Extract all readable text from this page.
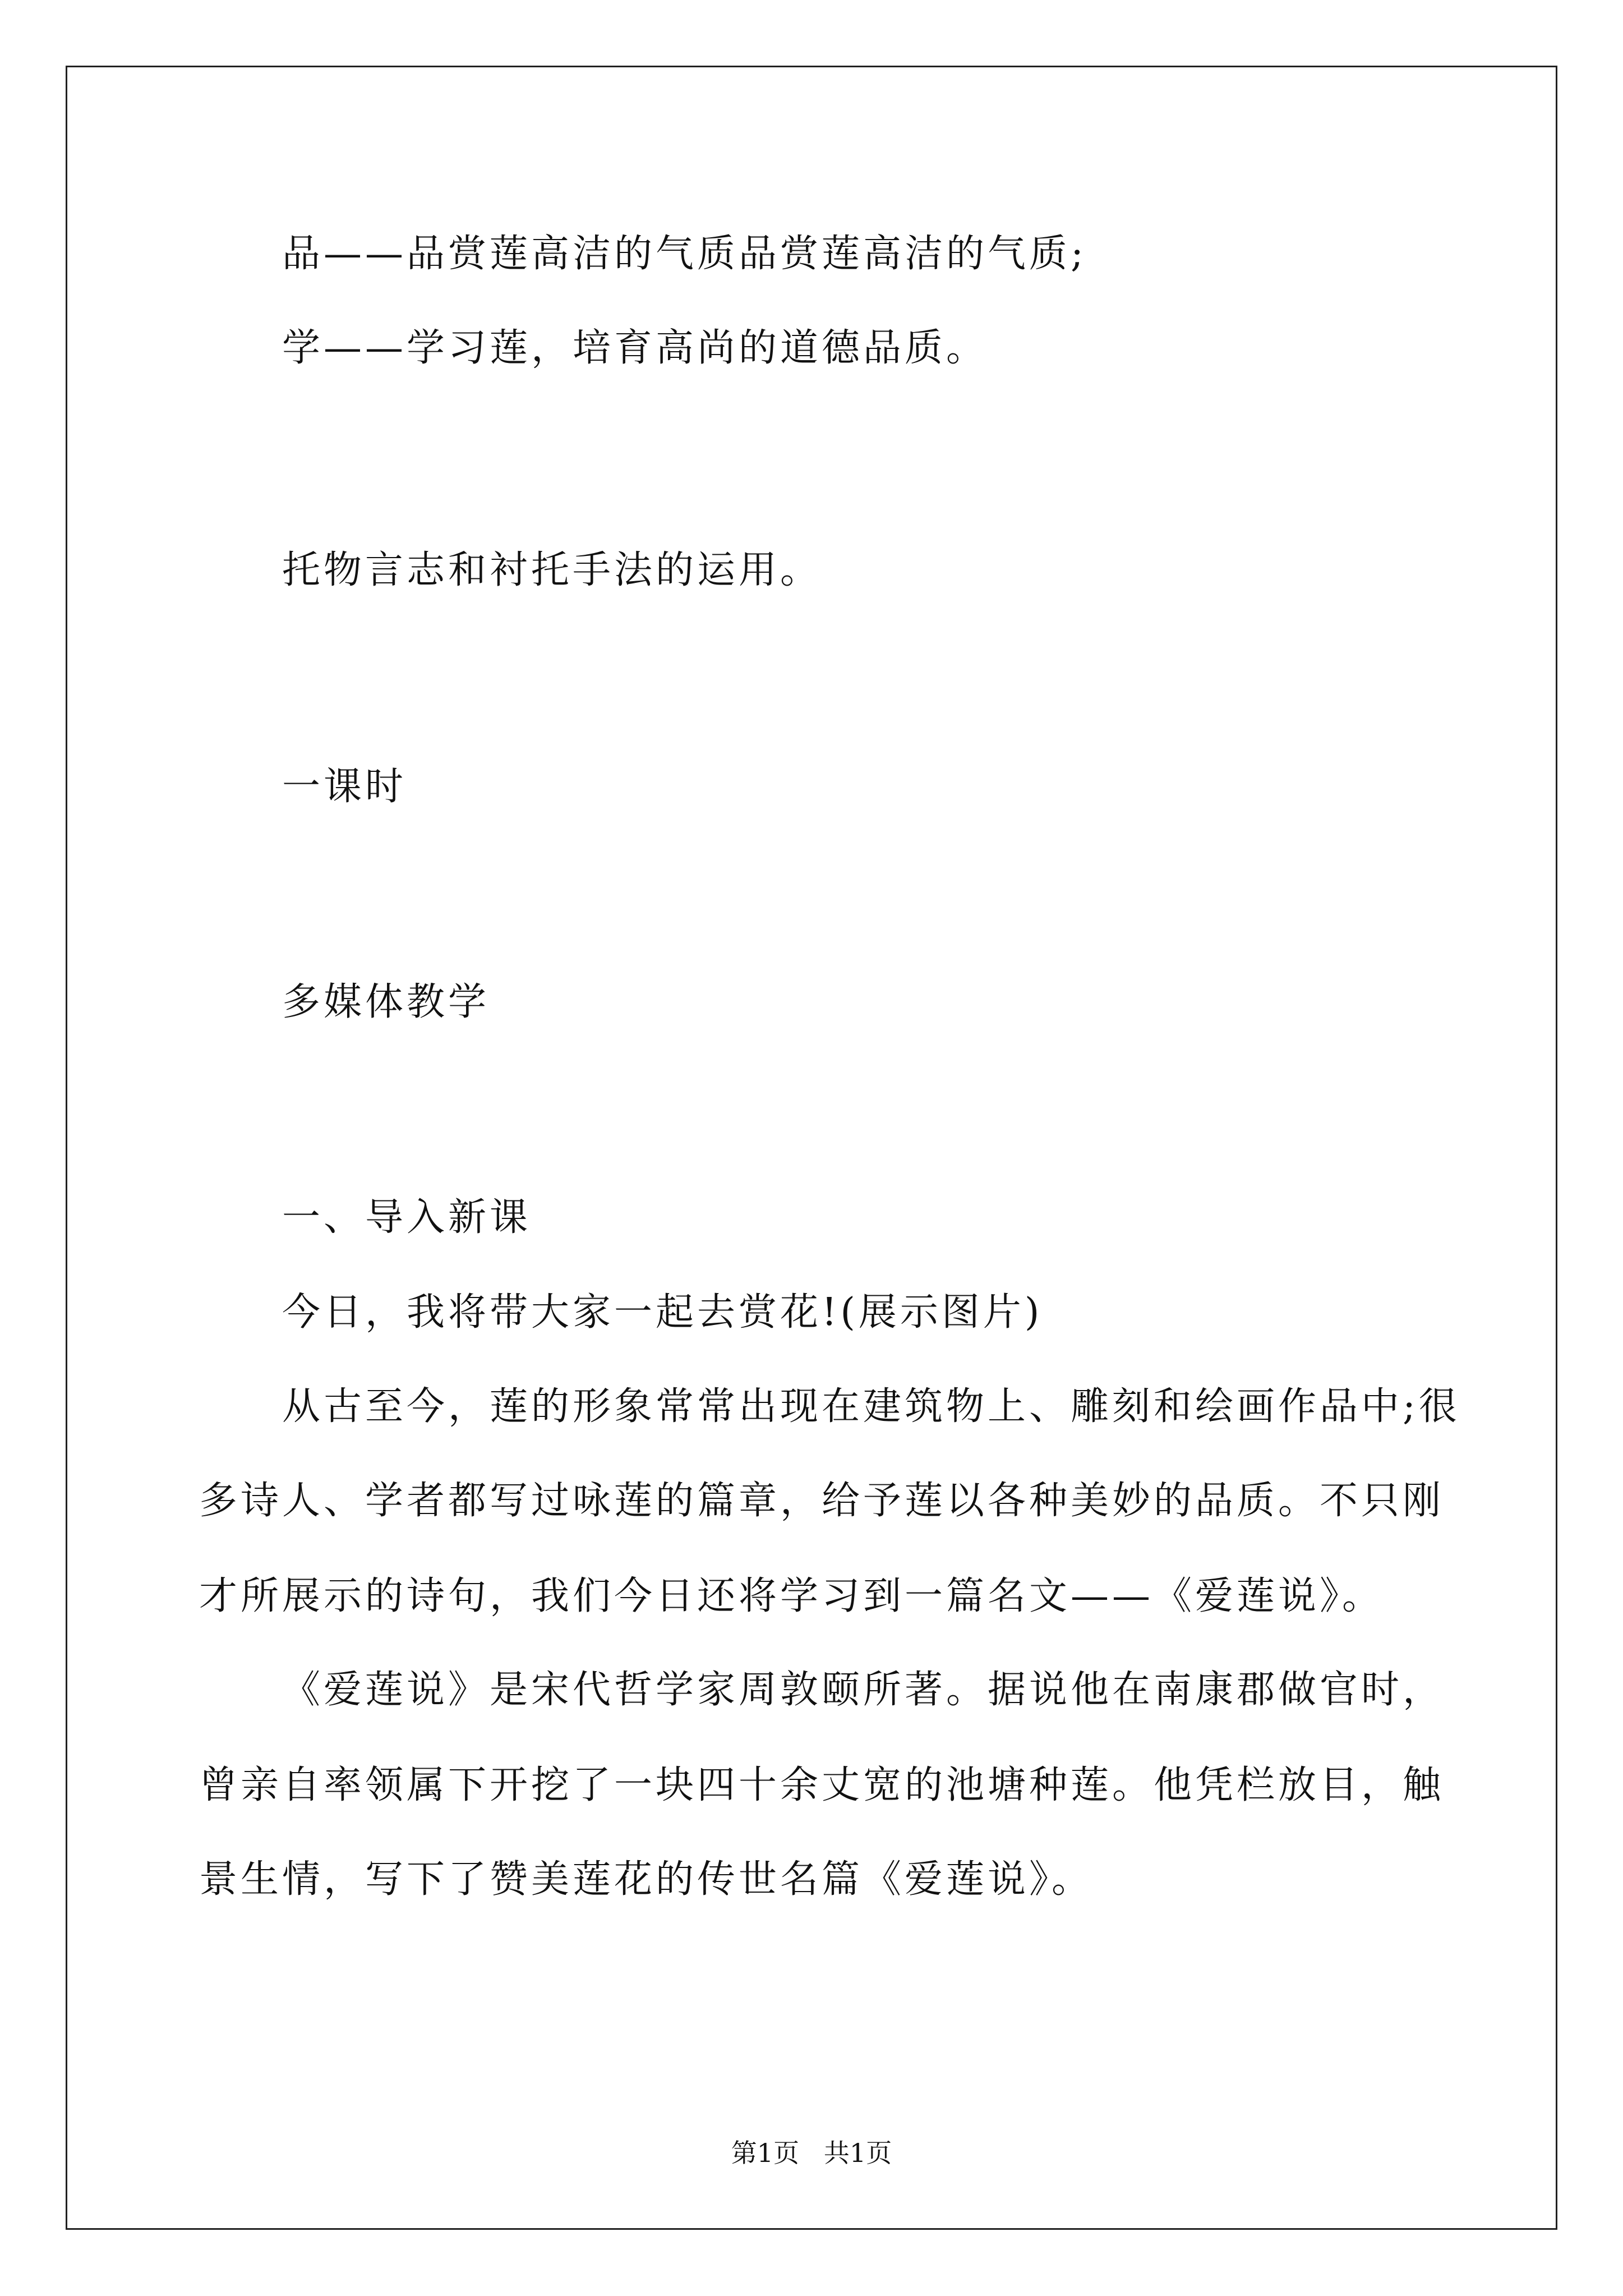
品——品赏莲高洁的气质品赏莲高洁的气质;
学——学习莲，培育高尚的道德品质。
托物言志和衬托手法的运用。
一课时
多媒体教学
一、导入新课
今日，我将带大家一起去赏花!(展示图片)
从古至今，莲的形象常常出现在建筑物上、雕刻和绘画作品中;很
多诗人、学者都写过咏莲的篇章，给予莲以各种美妙的品质。不只刚
才所展示的诗句，我们今日还将学习到一篇名文——《爱莲说》。
《爱莲说》是宋代哲学家周敦颐所著。据说他在南康郡做官时，
曾亲自率领属下开挖了一块四十余丈宽的池塘种莲。他凭栏放目，触
景生情，写下了赞美莲花的传世名篇《爱莲说》。
第1页   共1页
